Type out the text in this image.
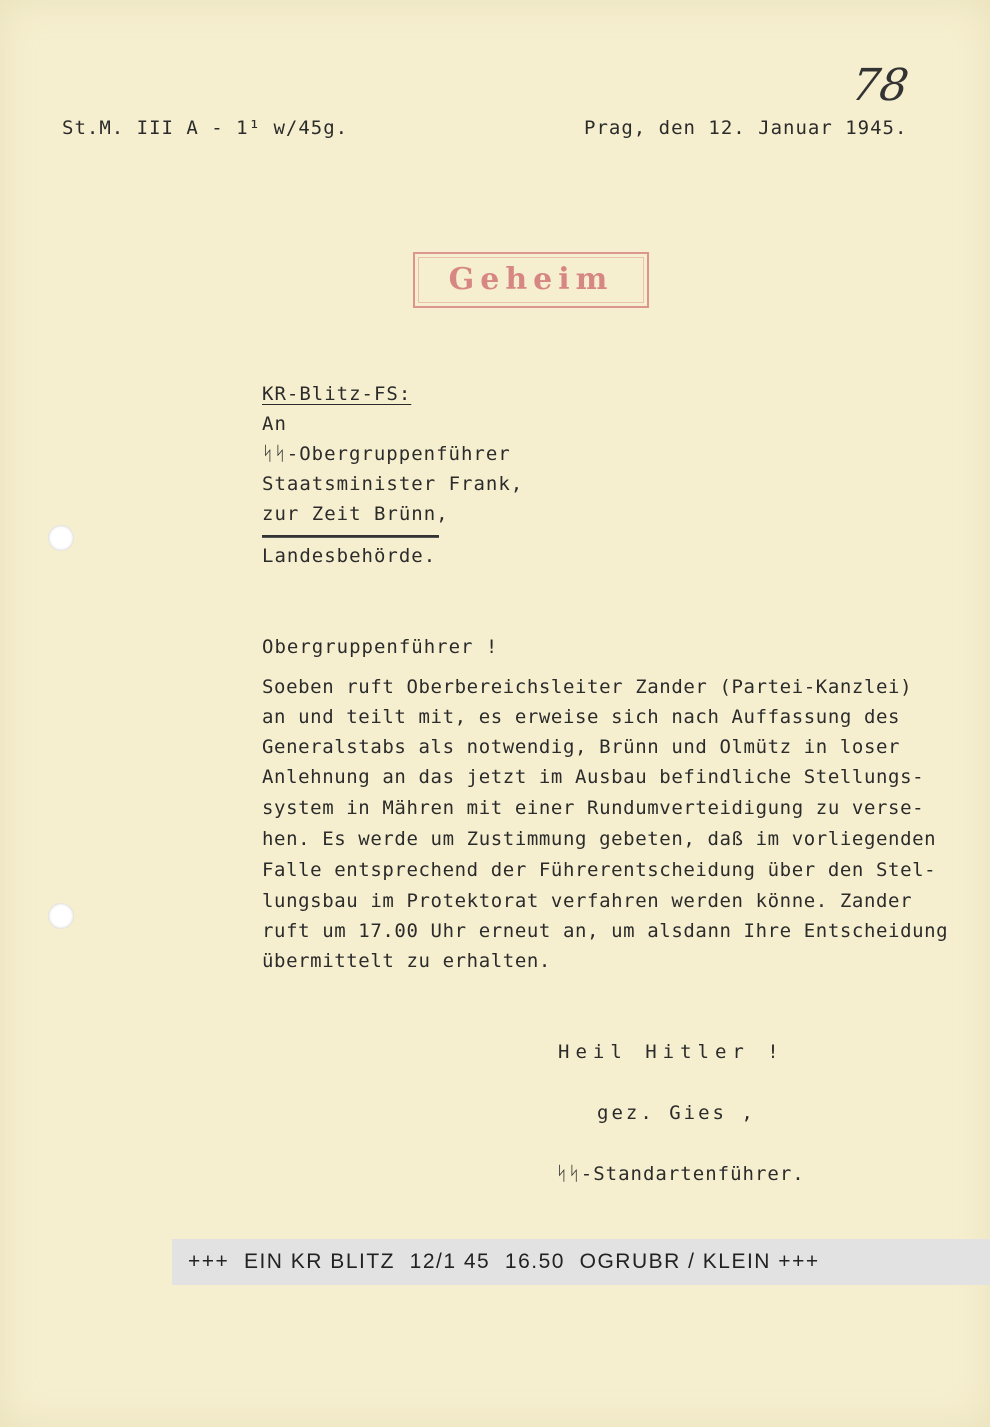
St.M. III A - 1¹ w/45g.	Prag, den 12. Januar 1945.
78
Geheim
KR-Blitz-FS:
An
ᛋᛋ-Obergruppenführer
Staatsminister Frank,
zur Zeit Brünn,
Landesbehörde.
Obergruppenführer !
Soeben ruft Oberbereichsleiter Zander (Partei-Kanzlei)
an und teilt mit, es erweise sich nach Auffassung des
Generalstabs als notwendig, Brünn und Olmütz in loser
Anlehnung an das jetzt im Ausbau befindliche Stellungs-
system in Mähren mit einer Rundumverteidigung zu verse-
hen. Es werde um Zustimmung gebeten, daß im vorliegenden
Falle entsprechend der Führerentscheidung über den Stel-
lungsbau im Protektorat verfahren werden könne. Zander
ruft um 17.00 Uhr erneut an, um alsdann Ihre Entscheidung
übermittelt zu erhalten.
Heil Hitler !
gez. Gies ,
ᛋᛋ-Standartenführer.
+++  EIN KR BLITZ  12/1 45  16.50  OGRUBR / KLEIN +++
